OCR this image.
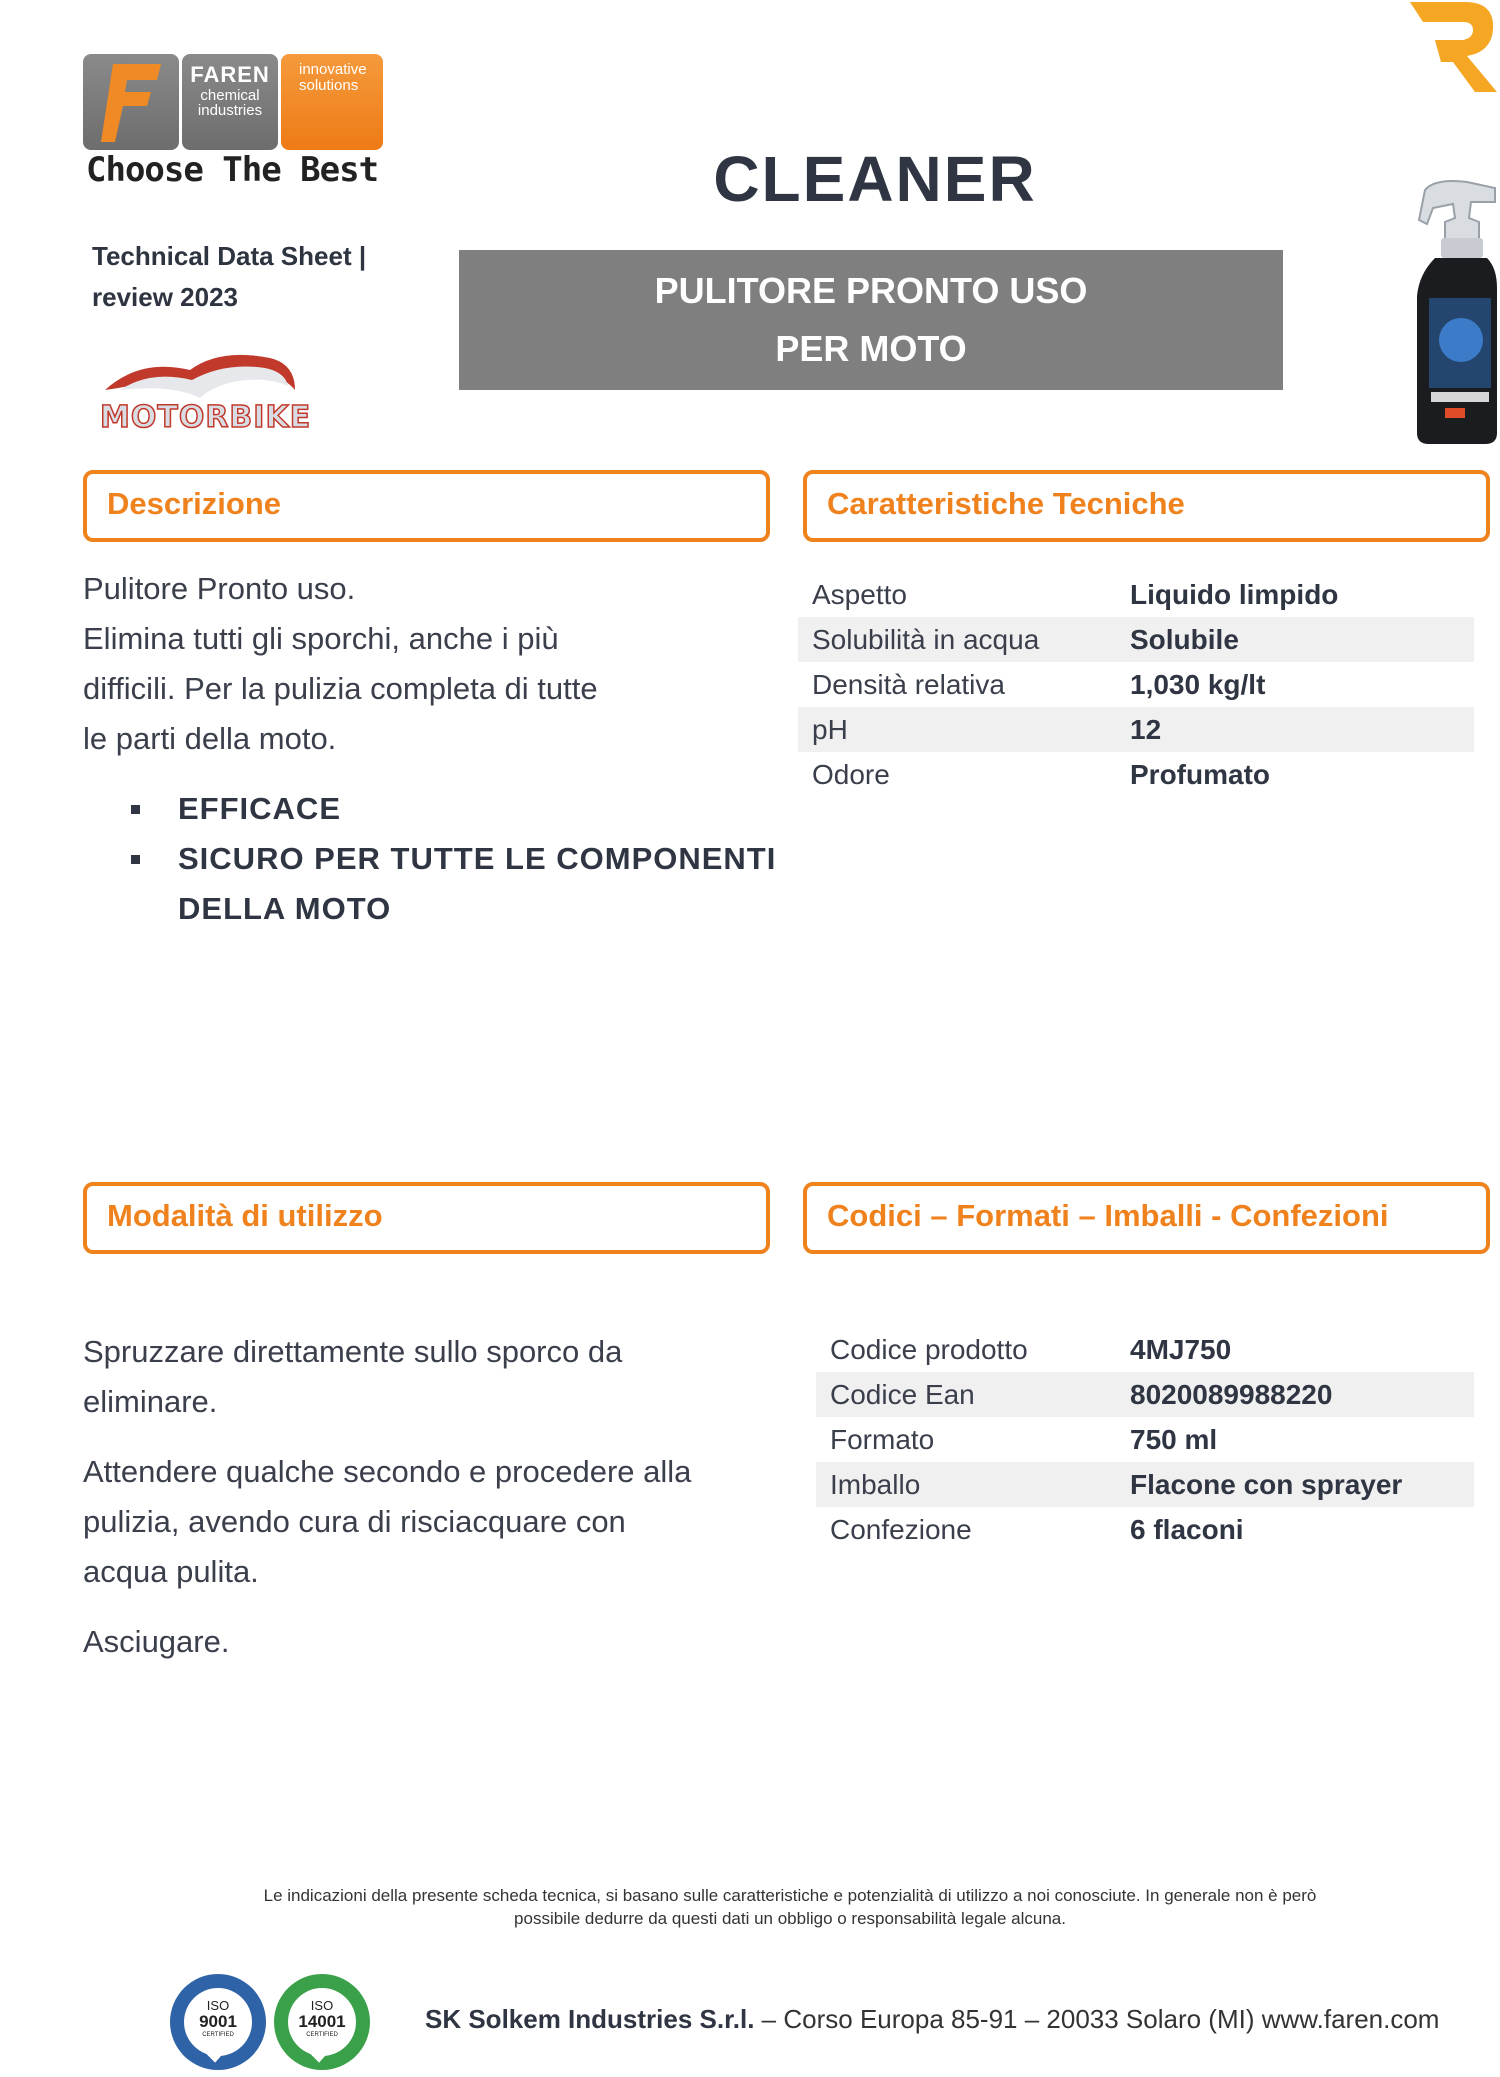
FAREN
chemical
industries
innovative
solutions
Choose The Best
Technical Data Sheet | review 2023
MOTORBIKE
CLEANER
PULITORE PRONTO USO
PER MOTO
Descrizione
Pulitore Pronto uso.
Elimina tutti gli sporchi, anche i più
difficili. Per la pulizia completa di tutte
le parti della moto.
EFFICACE
SICURO PER TUTTE LE COMPONENTI
DELLA MOTO
Caratteristiche Tecniche
Aspetto	Liquido limpido
Solubilità in acqua	Solubile
Densità relativa	1,030 kg/lt
pH	12
Odore	Profumato
Modalità di utilizzo
Spruzzare direttamente sullo sporco da
eliminare.
Attendere qualche secondo e procedere alla
pulizia, avendo cura di risciacquare con
acqua pulita.
Asciugare.
Codici – Formati – Imballi - Confezioni
Codice prodotto	4MJ750
Codice Ean	8020089988220
Formato	750 ml
Imballo	Flacone con sprayer
Confezione	6 flaconi
Le indicazioni della presente scheda tecnica, si basano sulle caratteristiche e potenzialità di utilizzo a noi conosciute. In generale non è però
possibile dedurre da questi dati un obbligo o responsabilità legale alcuna.
ISO
9001
CERTIFIED
ISO
14001
CERTIFIED
SK Solkem Industries S.r.l. – Corso Europa 85-91 – 20033 Solaro (MI) www.faren.com
